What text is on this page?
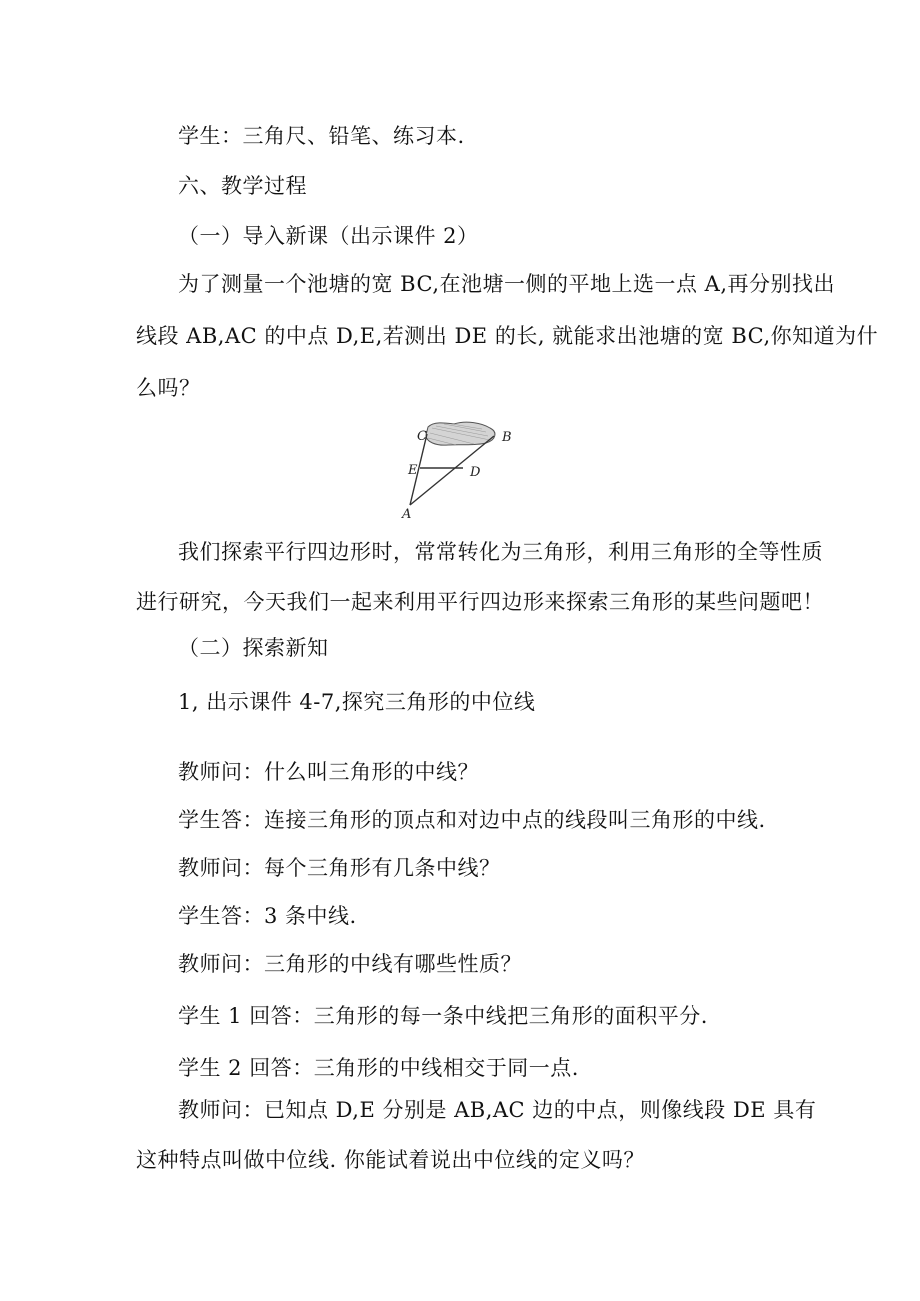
学生：三角尺、铅笔、练习本.
六、教学过程
（一）导入新课（出示课件 2）
为了测量一个池塘的宽 BC,在池塘一侧的平地上选一点 A,再分别找出
线段 AB,AC 的中点 D,E,若测出 DE 的长, 就能求出池塘的宽 BC,你知道为什
么吗？
C	B
E	D
A
我们探索平行四边形时，常常转化为三角形，利用三角形的全等性质
进行研究，今天我们一起来利用平行四边形来探索三角形的某些问题吧！
（二）探索新知
1, 出示课件 4-7,探究三角形的中位线
教师问：什么叫三角形的中线？
学生答：连接三角形的顶点和对边中点的线段叫三角形的中线.
教师问：每个三角形有几条中线？
学生答：3 条中线.
教师问：三角形的中线有哪些性质？
学生 1 回答：三角形的每一条中线把三角形的面积平分.
学生 2 回答：三角形的中线相交于同一点.
教师问：已知点 D,E 分别是 AB,AC 边的中点，则像线段 DE 具有
这种特点叫做中位线. 你能试着说出中位线的定义吗？
